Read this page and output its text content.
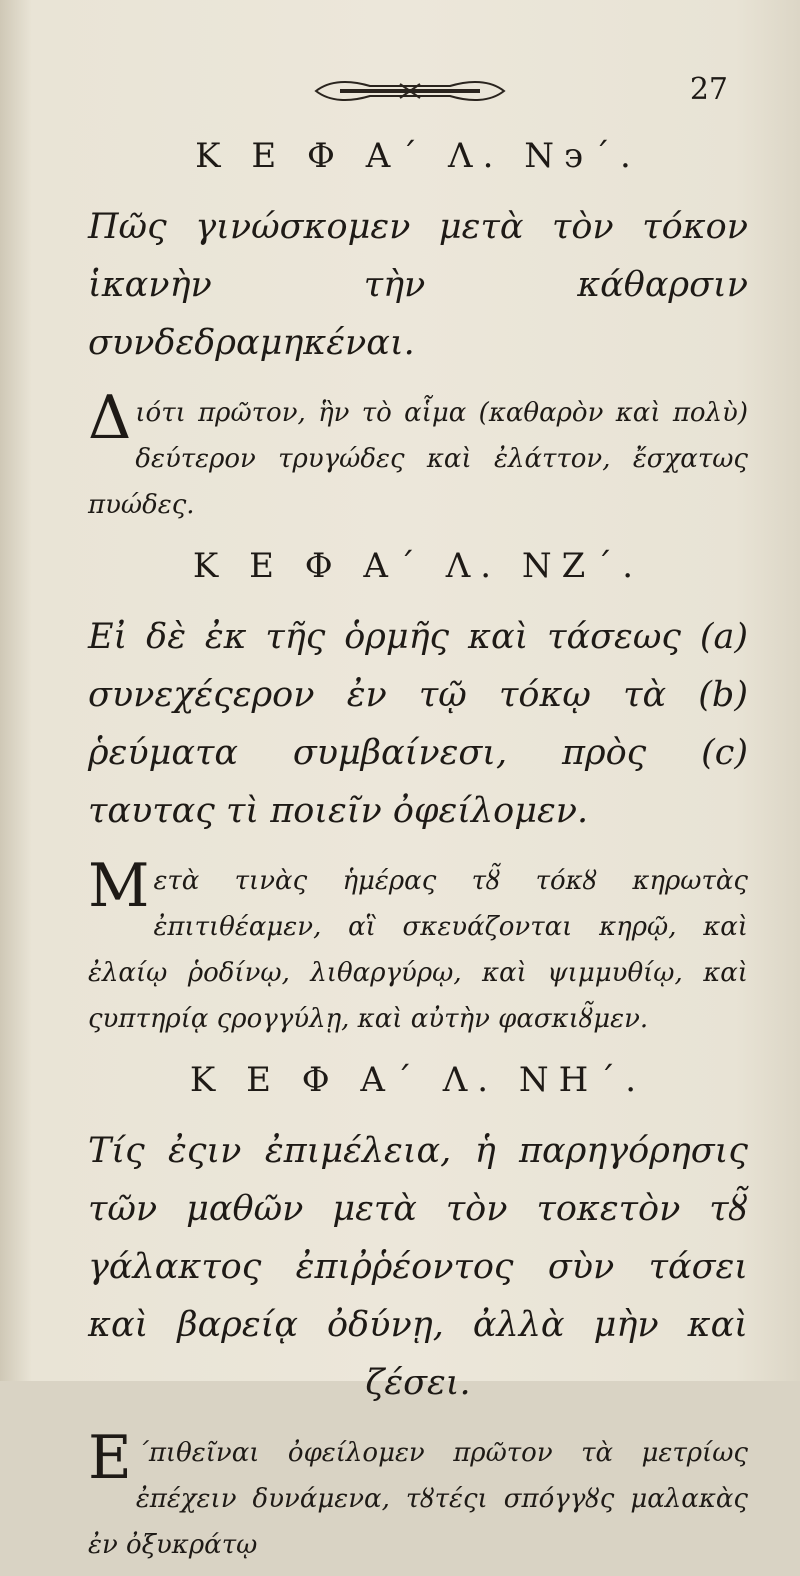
27
Κ Ε Φ Α΄ Λ. Ν϶΄.

Πῶς γινώσκομεν μετὰ τὸν τόκον ἱκανὴν τὴν κάθαρσιν συνδεδραμηκέναι.

Διότι πρῶτον, ἣν τὸ αἷμα (καθαρὸν καὶ πολὺ) δεύτερον τρυγώδες καὶ ἐλάττον, ἔσχατως πυώδες.

Κ Ε Φ Α΄ Λ. ΝΖ΄.

Εἰ δὲ ἐκ τῆς ὁρμῆς καὶ τάσεως (a) συνεχέςερον ἐν τῷ τόκῳ τὰ (b) ῥεύματα συμβαίνεσι, πρὸς (c) ταυτας τὶ ποιεῖν ὀφείλομεν.

Μετὰ τινὰς ἡμέρας τȣ̃ τόκȣ κηρωτὰς ἐπιτιθέαμεν, αἳ σκευάζονται κηρῷ, καὶ ἐλαίῳ ῥοδίνῳ, λιθαργύρῳ, καὶ ψιμμυθίῳ, καὶ ςυπτηρίᾳ ςρογγύλῃ, καὶ αὐτὴν φασκιȣ̃μεν.

Κ Ε Φ Α΄ Λ. ΝΗ΄.

Τίς ἐςιν ἐπιμέλεια, ἡ παρηγόρησις τῶν μαθῶν μετὰ τὸν τοκετὸν τȣ̃ γάλακτος ἐπιῤῥέοντος σὺν τάσει καὶ βαρείᾳ ὀδύνῃ, ἀλλὰ μὴν καὶ ζέσει.

Ε ΄πιθεῖναι ὀφείλομεν πρῶτον τὰ μετρίως ἐπέχειν δυνάμενα, τȣτέςι σπόγγȣς μαλακὰς ἐν ὀξυκράτῳ
